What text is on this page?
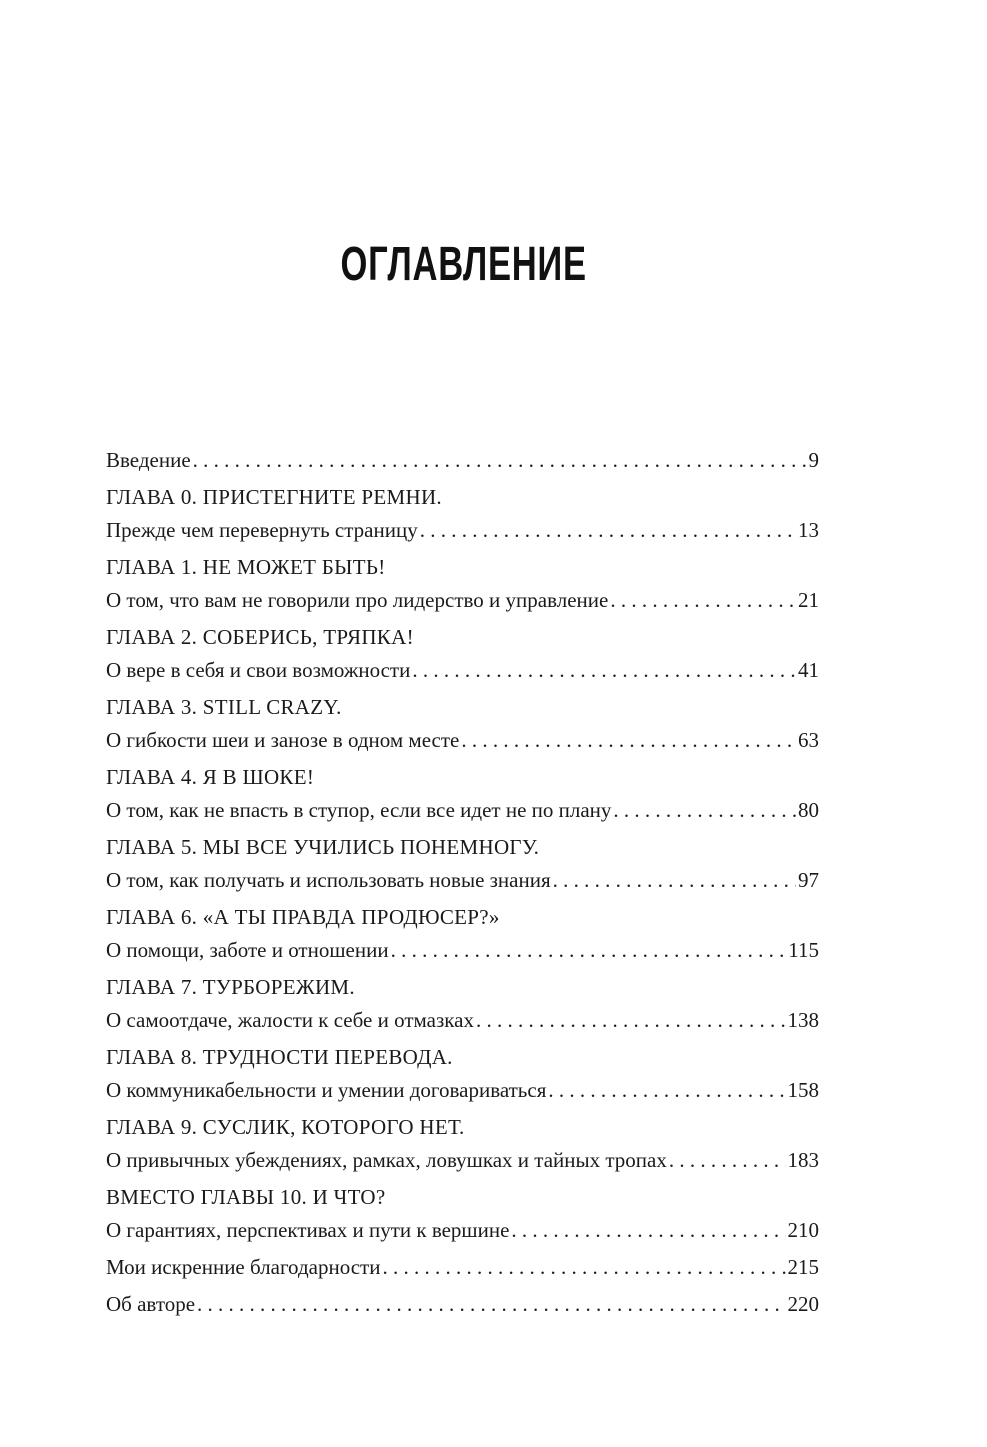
ОГЛАВЛЕНИЕ
Введение . . .	9
ГЛАВА 0. ПРИСТЕГНИТЕ РЕМНИ.
Прежде чем перевернуть страницу . . .	13
ГЛАВА 1. НЕ МОЖЕТ БЫТЬ!
О том, что вам не говорили про лидерство и управление . . .	21
ГЛАВА 2. СОБЕРИСЬ, ТРЯПКА!
О вере в себя и свои возможности . . .	41
ГЛАВА 3. STILL CRAZY.
О гибкости шеи и занозе в одном месте . . .	63
ГЛАВА 4. Я В ШОКЕ!
О том, как не впасть в ступор, если все идет не по плану . . .	80
ГЛАВА 5. МЫ ВСЕ УЧИЛИСЬ ПОНЕМНОГУ.
О том, как получать и использовать новые знания . . .	97
ГЛАВА 6. «А ТЫ ПРАВДА ПРОДЮСЕР?»
О помощи, заботе и отношении . . .	115
ГЛАВА 7. ТУРБОРЕЖИМ.
О самоотдаче, жалости к себе и отмазках . . .	138
ГЛАВА 8. ТРУДНОСТИ ПЕРЕВОДА.
О коммуникабельности и умении договариваться . . .	158
ГЛАВА 9. СУСЛИК, КОТОРОГО НЕТ.
О привычных убеждениях, рамках, ловушках и тайных тропах . . .	183
ВМЕСТО ГЛАВЫ 10. И ЧТО?
О гарантиях, перспективах и пути к вершине . . .	210
Мои искренние благодарности . . .	215
Об авторе . . .	220
